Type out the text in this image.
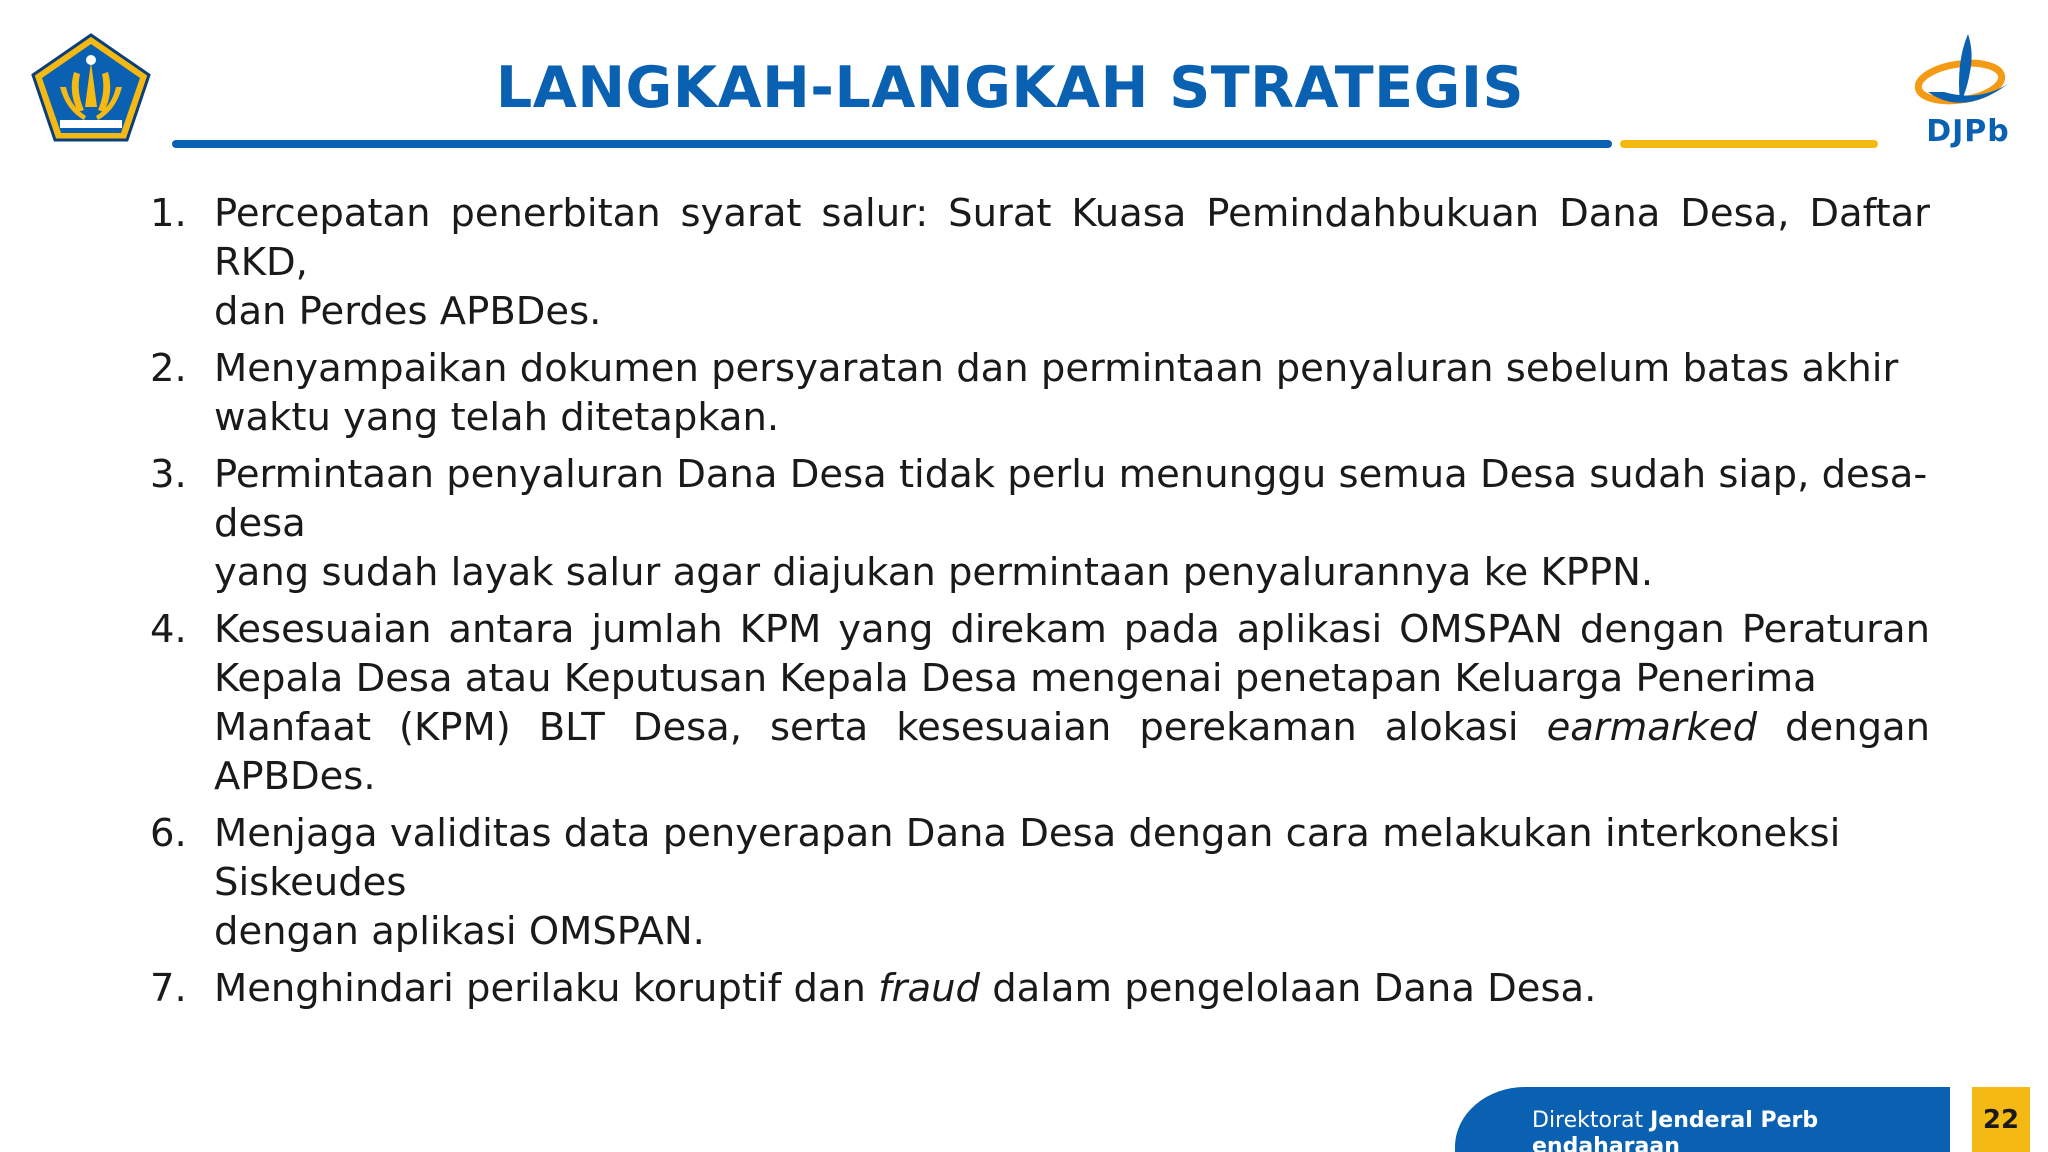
DJPb
LANGKAH-LANGKAH STRATEGIS
1. Percepatan penerbitan syarat salur: Surat Kuasa Pemindahbukuan Dana Desa, Daftar RKD,
dan Perdes APBDes.
2. Menyampaikan dokumen persyaratan dan permintaan penyaluran sebelum batas akhir
waktu yang telah ditetapkan.
3. Permintaan penyaluran Dana Desa tidak perlu menunggu semua Desa sudah siap, desa-
desa
yang sudah layak salur agar diajukan permintaan penyalurannya ke KPPN.
4. Kesesuaian antara jumlah KPM yang direkam pada aplikasi OMSPAN dengan Peraturan Kepala Desa atau Keputusan Kepala Desa mengenai penetapan Keluarga Penerima
Manfaat (KPM) BLT Desa, serta kesesuaian perekaman alokasi earmarked dengan APBDes.
6. Menjaga validitas data penyerapan Dana Desa dengan cara melakukan interkoneksi
Siskeudes
dengan aplikasi OMSPAN.
7. Menghindari perilaku koruptif dan fraud dalam pengelolaan Dana Desa.
Direktorat Jenderal Perb
endaharaan
22
